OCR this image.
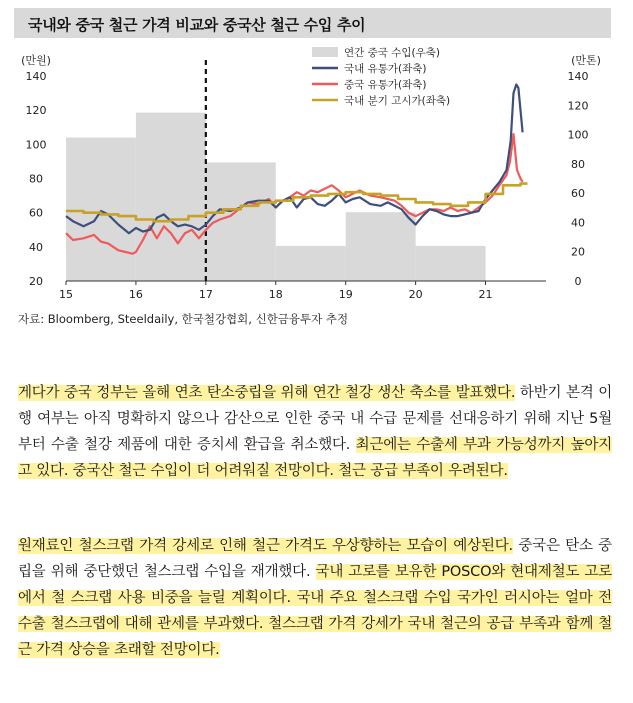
국내와 중국 철근 가격 비교와 중국산 철근 수입 추이
20
40
60
80
100
120
140
0
20
40
60
80
100
120
140
15	16	17	18	19	20	21
(만원)	(만톤)
연간 중국 수입(우축)
국내 유통가(좌축)
중국 유통가(좌축)
국내 분기 고시가(좌축)
자료: Bloomberg, Steeldaily, 한국철강협회, 신한금융투자 추정
게다가 중국 정부는 올해 연초 탄소중립을 위해 연간 철강 생산 축소를 발표했다. 하반기 본격 이행 여부는 아직 명확하지 않으나 감산으로 인한 중국 내 수급 문제를 선대응하기 위해 지난 5월부터 수출 철강 제품에 대한 증치세 환급을 취소했다. 최근에는 수출세 부과 가능성까지 높아지고 있다. 중국산 철근 수입이 더 어려워질 전망이다. 철근 공급 부족이 우려된다.
원재료인 철스크랩 가격 강세로 인해 철근 가격도 우상향하는 모습이 예상된다. 중국은 탄소 중립을 위해 중단했던 철스크랩 수입을 재개했다. 국내 고로를 보유한 POSCO와 현대제철도 고로에서 철 스크랩 사용 비중을 늘릴 계획이다. 국내 주요 철스크랩 수입 국가인 러시아는 얼마 전 수출 철스크랩에 대해 관세를 부과했다. 철스크랩 가격 강세가 국내 철근의 공급 부족과 함께 철근 가격 상승을 초래할 전망이다.
